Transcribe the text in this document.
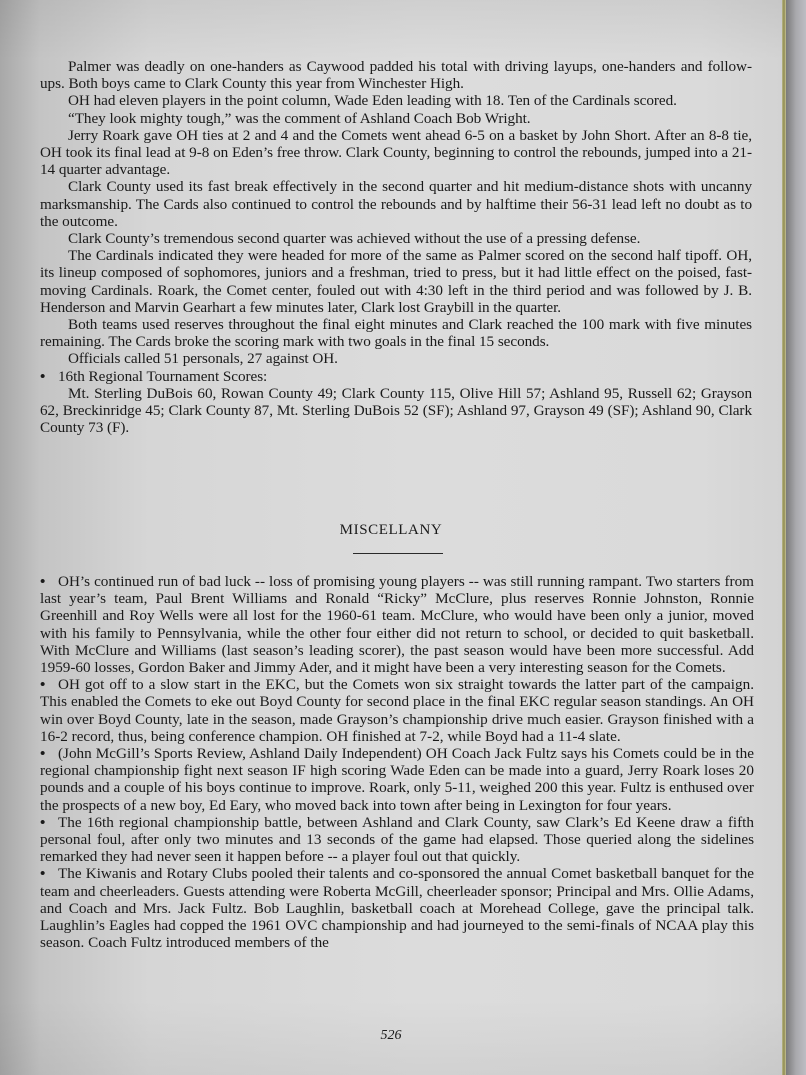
Palmer was deadly on one-handers as Caywood padded his total with driving layups, one-handers and follow-ups. Both boys came to Clark County this year from Winchester High.

OH had eleven players in the point column, Wade Eden leading with 18. Ten of the Cardinals scored.

“They look mighty tough,” was the comment of Ashland Coach Bob Wright.

Jerry Roark gave OH ties at 2 and 4 and the Comets went ahead 6-5 on a basket by John Short. After an 8-8 tie, OH took its final lead at 9-8 on Eden’s free throw. Clark County, beginning to control the rebounds, jumped into a 21-14 quarter advantage.

Clark County used its fast break effectively in the second quarter and hit medium-distance shots with uncanny marksmanship. The Cards also continued to control the rebounds and by halftime their 56-31 lead left no doubt as to the outcome.

Clark County’s tremendous second quarter was achieved without the use of a pressing defense.

The Cardinals indicated they were headed for more of the same as Palmer scored on the second half tipoff. OH, its lineup composed of sophomores, juniors and a freshman, tried to press, but it had little effect on the poised, fast-moving Cardinals. Roark, the Comet center, fouled out with 4:30 left in the third period and was followed by J. B. Henderson and Marvin Gearhart a few minutes later, Clark lost Graybill in the quarter.

Both teams used reserves throughout the final eight minutes and Clark reached the 100 mark with five minutes remaining. The Cards broke the scoring mark with two goals in the final 15 seconds.

Officials called 51 personals, 27 against OH.

• 16th Regional Tournament Scores:

Mt. Sterling DuBois 60, Rowan County 49; Clark County 115, Olive Hill 57; Ashland 95, Russell 62; Grayson 62, Breckinridge 45; Clark County 87, Mt. Sterling DuBois 52 (SF); Ashland 97, Grayson 49 (SF); Ashland 90, Clark County 73 (F).

MISCELLANY

• OH’s continued run of bad luck -- loss of promising young players -- was still running rampant. Two starters from last year’s team, Paul Brent Williams and Ronald “Ricky” McClure, plus reserves Ronnie Johnston, Ronnie Greenhill and Roy Wells were all lost for the 1960-61 team. McClure, who would have been only a junior, moved with his family to Pennsylvania, while the other four either did not return to school, or decided to quit basketball. With McClure and Williams (last season’s leading scorer), the past season would have been more successful. Add 1959-60 losses, Gordon Baker and Jimmy Ader, and it might have been a very interesting season for the Comets.

• OH got off to a slow start in the EKC, but the Comets won six straight towards the latter part of the campaign. This enabled the Comets to eke out Boyd County for second place in the final EKC regular season standings. An OH win over Boyd County, late in the season, made Grayson’s championship drive much easier. Grayson finished with a 16-2 record, thus, being conference champion. OH finished at 7-2, while Boyd had a 11-4 slate.

• (John McGill’s Sports Review, Ashland Daily Independent) OH Coach Jack Fultz says his Comets could be in the regional championship fight next season IF high scoring Wade Eden can be made into a guard, Jerry Roark loses 20 pounds and a couple of his boys continue to improve. Roark, only 5-11, weighed 200 this year. Fultz is enthused over the prospects of a new boy, Ed Eary, who moved back into town after being in Lexington for four years.

• The 16th regional championship battle, between Ashland and Clark County, saw Clark’s Ed Keene draw a fifth personal foul, after only two minutes and 13 seconds of the game had elapsed. Those queried along the sidelines remarked they had never seen it happen before -- a player foul out that quickly.

• The Kiwanis and Rotary Clubs pooled their talents and co-sponsored the annual Comet basketball banquet for the team and cheerleaders. Guests attending were Roberta McGill, cheerleader sponsor; Principal and Mrs. Ollie Adams, and Coach and Mrs. Jack Fultz. Bob Laughlin, basketball coach at Morehead College, gave the principal talk. Laughlin’s Eagles had copped the 1961 OVC championship and had journeyed to the semi-finals of NCAA play this season. Coach Fultz introduced members of the

526
